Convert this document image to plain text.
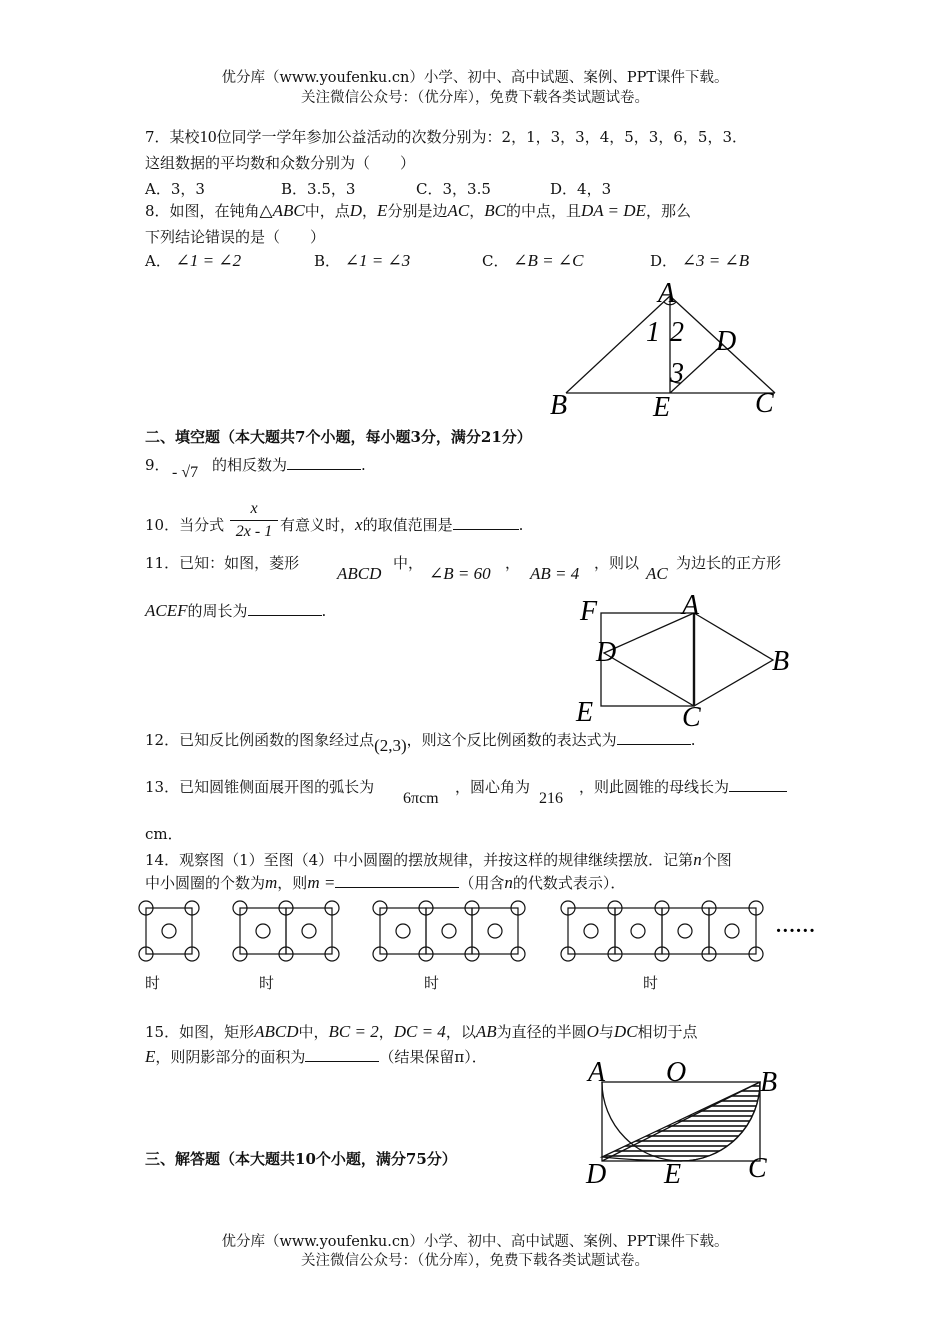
优分库（www.youfenku.cn）小学、初中、高中试题、案例、PPT课件下载。
关注微信公众号：（优分库），免费下载各类试题试卷。
7．某校10位同学一学年参加公益活动的次数分别为：2，1，3，3，4，5，3，6，5，3．
这组数据的平均数和众数分别为（　　）
A．3，3	B．3.5，3	C．3，3.5	D．4，3
8．如图，在钝角△ABC中，点D，E分别是边AC，BC的中点，且DA = DE，那么
下列结论错误的是（　　）
A． ∠1 = ∠2	B． ∠1 = ∠3	C． ∠B = ∠C	D． ∠3 = ∠B
A
B	C
D
E
1 2
3
二、填空题（本大题共7个小题，每小题3分，满分21分）
9． - √7 的相反数为	.
10．当分式
x
2x - 1 有意义时，x的取值范围是	.
11．已知：如图，菱形
ABCD
中，
∠B = 60
，
AB = 4
，则以
AC
为边长的正方形
ACEF的周长为	.	F	A
D	B
E	C
12．已知反比例函数的图象经过点(2,3)，则这个反比例函数的表达式为	.
13．已知圆锥侧面展开图的弧长为
6πcm
，圆心角为
216
，则此圆锥的母线长为
cm．
14．观察图（1）至图（4）中小圆圈的摆放规律，并按这样的规律继续摆放．记第n个图
中小圆圈的个数为m，则m =	（用含n的代数式表示）．
……
时	时	时	时
15．如图，矩形ABCD中，BC = 2，DC = 4，以AB为直径的半圆O与DC相切于点
E，则阴影部分的面积为	（结果保留π）．	A O	B
D E C
三、解答题（本大题共10个小题，满分75分）
优分库（www.youfenku.cn）小学、初中、高中试题、案例、PPT课件下载。
关注微信公众号：（优分库），免费下载各类试题试卷。
